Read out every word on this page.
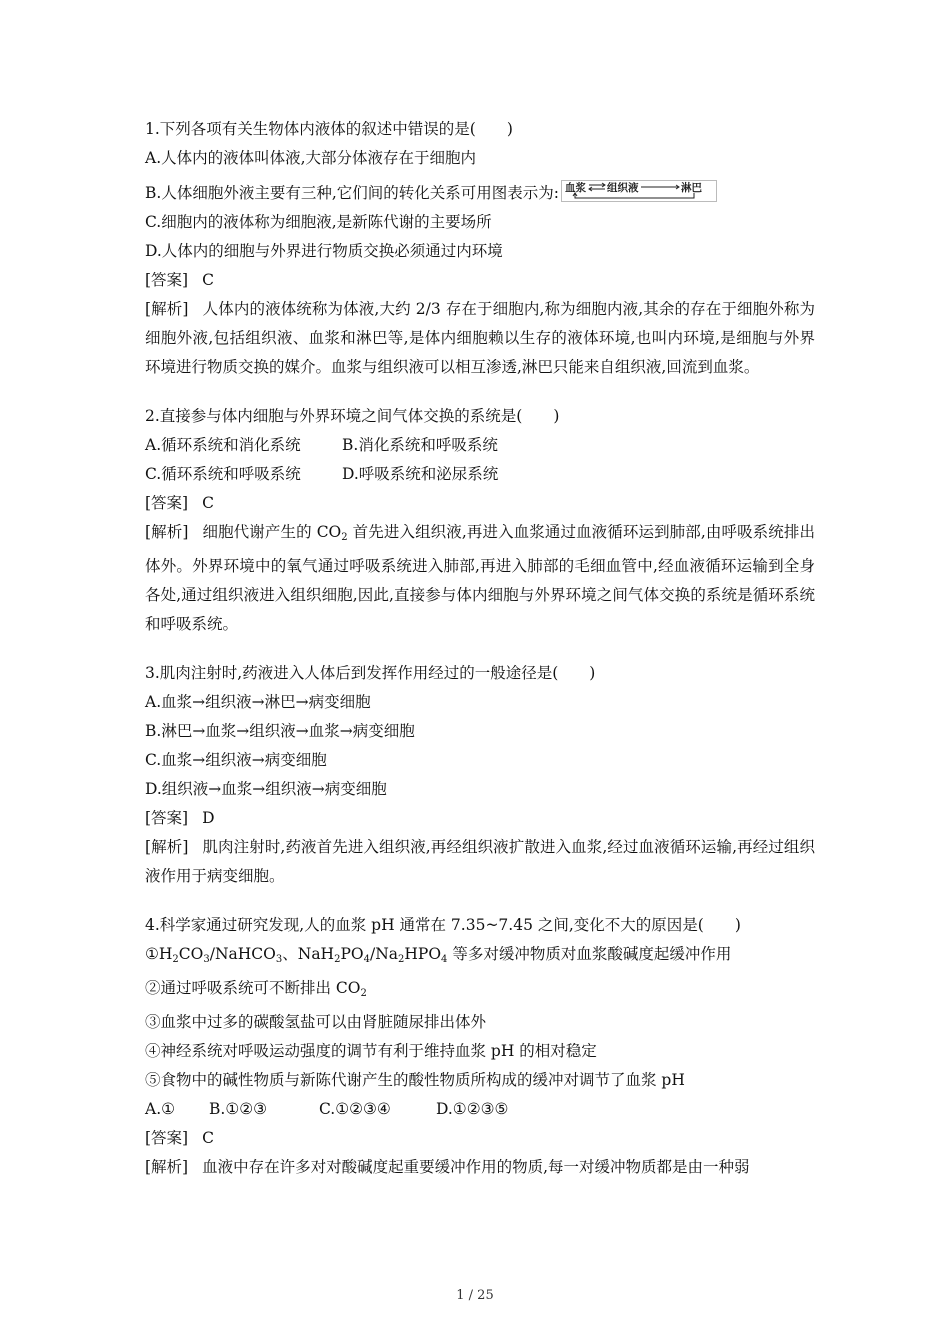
1.下列各项有关生物体内液体的叙述中错误的是(　　)
A.人体内的液体叫体液,大部分体液存在于细胞内
B.人体细胞外液主要有三种,它们间的转化关系可用图表示为: 血浆 组织液	淋巴
C.细胞内的液体称为细胞液,是新陈代谢的主要场所
D.人体内的细胞与外界进行物质交换必须通过内环境
[答案] C
[解析] 人体内的液体统称为体液,大约 2/3 存在于细胞内,称为细胞内液,其余的存在于细胞外称为细胞外液,包括组织液、血浆和淋巴等,是体内细胞赖以生存的液体环境,也叫内环境,是细胞与外界环境进行物质交换的媒介。血浆与组织液可以相互渗透,淋巴只能来自组织液,回流到血浆。
2.直接参与体内细胞与外界环境之间气体交换的系统是(　　)
A.循环系统和消化系统	B.消化系统和呼吸系统
C.循环系统和呼吸系统	D.呼吸系统和泌尿系统
[答案] C
[解析] 细胞代谢产生的 $CO_2$ 首先进入组织液,再进入血浆通过血液循环运到肺部,由呼吸系统排出体外。外界环境中的氧气通过呼吸系统进入肺部,再进入肺部的毛细血管中,经血液循环运输到全身各处,通过组织液进入组织细胞,因此,直接参与体内细胞与外界环境之间气体交换的系统是循环系统和呼吸系统。
3.肌肉注射时,药液进入人体后到发挥作用经过的一般途径是(　　)
A.血浆→组织液→淋巴→病变细胞
B.淋巴→血浆→组织液→血浆→病变细胞
C.血浆→组织液→病变细胞
D.组织液→血浆→组织液→病变细胞
[答案] D
[解析] 肌肉注射时,药液首先进入组织液,再经组织液扩散进入血浆,经过血液循环运输,再经过组织液作用于病变细胞。
4.科学家通过研究发现,人的血浆 pH 通常在 7.35~7.45 之间,变化不大的原因是(　　)
$①H_2CO_3/NaHCO_3$、$NaH_2PO_4/Na_2HPO_4$ 等多对缓冲物质对血浆酸碱度起缓冲作用
②通过呼吸系统可不断排出 $CO_2$
③血浆中过多的碳酸氢盐可以由肾脏随尿排出体外
④神经系统对呼吸运动强度的调节有利于维持血浆 pH 的相对稳定
⑤食物中的碱性物质与新陈代谢产生的酸性物质所构成的缓冲对调节了血浆 pH
A.① B.①②③	C.①②③④	D.①②③⑤
[答案] C
[解析] 血液中存在许多对对酸碱度起重要缓冲作用的物质,每一对缓冲物质都是由一种弱
1 / 25
